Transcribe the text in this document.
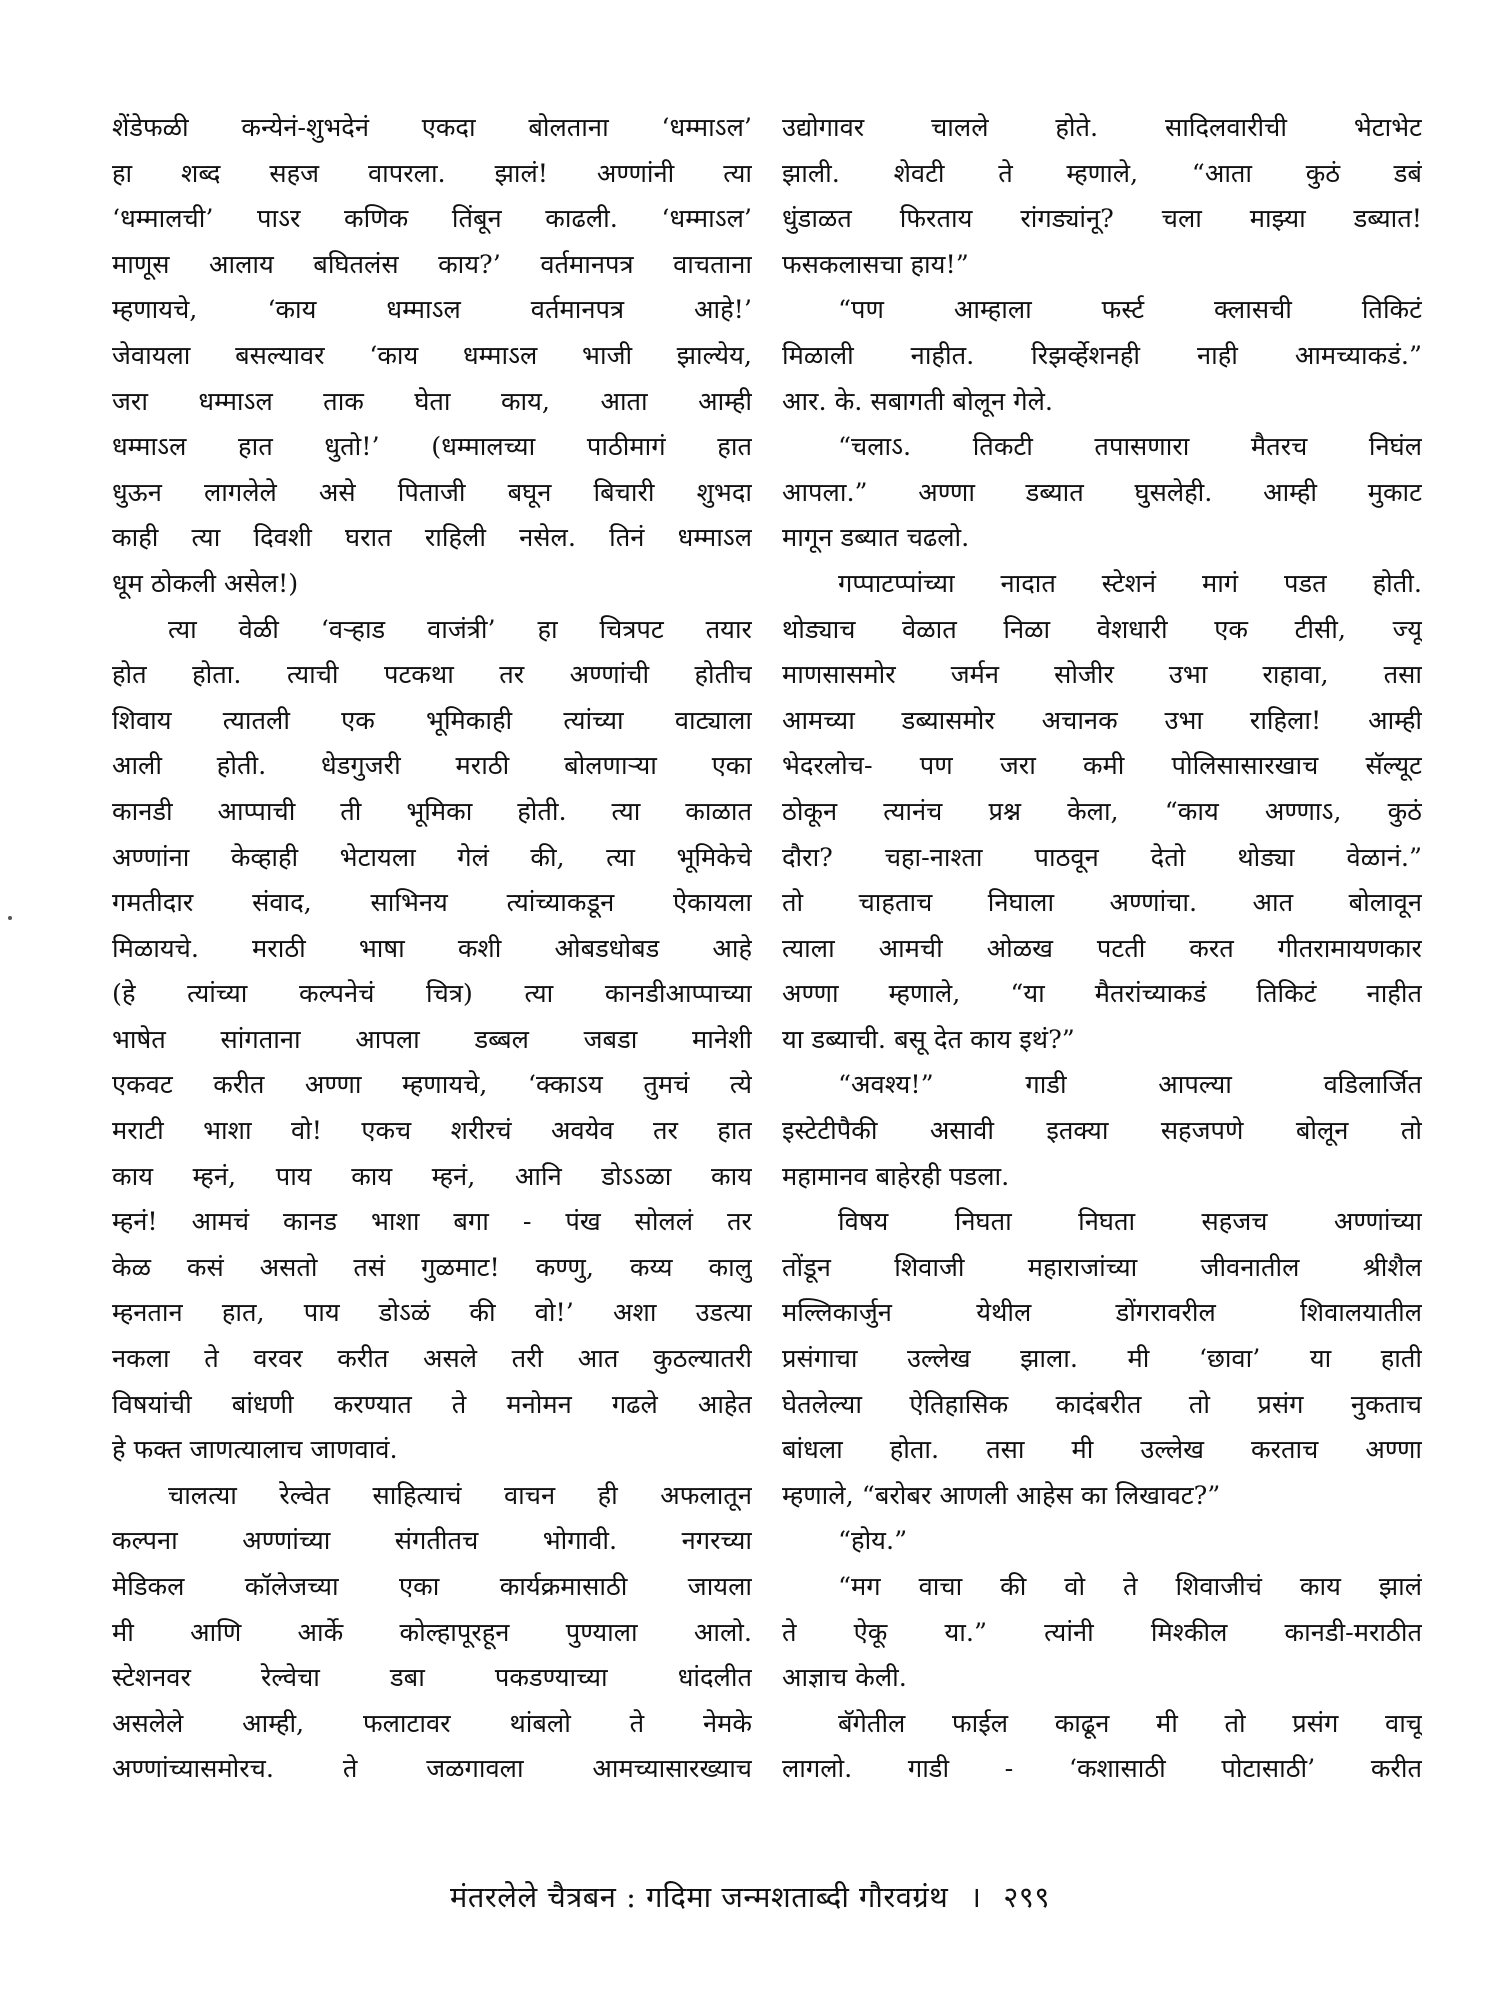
शेंडेफळी कन्येनं-शुभदेनं एकदा बोलताना ‘धम्माऽल’
हा शब्द सहज वापरला. झालं! अण्णांनी त्या
‘धम्मालची’ पाऽर कणिक तिंबून काढली. ‘धम्माऽल’
माणूस आलाय बघितलंस काय?’ वर्तमानपत्र वाचताना
म्हणायचे, ‘काय धम्माऽल वर्तमानपत्र आहे!’
जेवायला बसल्यावर ‘काय धम्माऽल भाजी झाल्येय,
जरा धम्माऽल ताक घेता काय, आता आम्ही
धम्माऽल हात धुतो!’ (धम्मालच्या पाठीमागं हात
धुऊन लागलेले असे पिताजी बघून बिचारी शुभदा
काही त्या दिवशी घरात राहिली नसेल. तिनं धम्माऽल
धूम ठोकली असेल!)
त्या वेळी ‘वऱ्हाड वाजंत्री’ हा चित्रपट तयार
होत होता. त्याची पटकथा तर अण्णांची होतीच
शिवाय त्यातली एक भूमिकाही त्यांच्या वाट्याला
आली होती. धेडगुजरी मराठी बोलणाऱ्या एका
कानडी आप्पाची ती भूमिका होती. त्या काळात
अण्णांना केव्हाही भेटायला गेलं की, त्या भूमिकेचे
गमतीदार संवाद, साभिनय त्यांच्याकडून ऐकायला
मिळायचे. मराठी भाषा कशी ओबडधोबड आहे
(हे त्यांच्या कल्पनेचं चित्र) त्या कानडीआप्पाच्या
भाषेत सांगताना आपला डब्बल जबडा मानेशी
एकवट करीत अण्णा म्हणायचे, ‘क्काऽय तुमचं त्ये
मराटी भाशा वो! एकच शरीरचं अवयेव तर हात
काय म्हनं, पाय काय म्हनं, आनि डोऽऽळा काय
म्हनं! आमचं कानड भाशा बगा - पंख सोललं तर
केळ कसं असतो तसं गुळमाट! कण्णु, कय्य कालु
म्हनतान हात, पाय डोऽळं की वो!’ अशा उडत्या
नकला ते वरवर करीत असले तरी आत कुठल्यातरी
विषयांची बांधणी करण्यात ते मनोमन गढले आहेत
हे फक्त जाणत्यालाच जाणवावं.
चालत्या रेल्वेत साहित्याचं वाचन ही अफलातून
कल्पना अण्णांच्या संगतीतच भोगावी. नगरच्या
मेडिकल कॉलेजच्या एका कार्यक्रमासाठी जायला
मी आणि आर्के कोल्हापूरहून पुण्याला आलो.
स्टेशनवर रेल्वेचा डबा पकडण्याच्या धांदलीत
असलेले आम्ही, फलाटावर थांबलो ते नेमके
अण्णांच्यासमोरच. ते जळगावला आमच्यासारख्याच
उद्योगावर चालले होते. सादिलवारीची भेटाभेट
झाली. शेवटी ते म्हणाले, “आता कुठं डबं
धुंडाळत फिरताय रांगड्यांनू? चला माझ्या डब्यात!
फसकलासचा हाय!”
“पण आम्हाला फर्स्ट क्लासची तिकिटं
मिळाली नाहीत. रिझर्व्हेशनही नाही आमच्याकडं.”
आर. के. सबागती बोलून गेले.
“चलाऽ. तिकटी तपासणारा मैतरच निघंल
आपला.” अण्णा डब्यात घुसलेही. आम्ही मुकाट
मागून डब्यात चढलो.
गप्पाटप्पांच्या नादात स्टेशनं मागं पडत होती.
थोड्याच वेळात निळा वेशधारी एक टीसी, ज्यू
माणसासमोर जर्मन सोजीर उभा राहावा, तसा
आमच्या डब्यासमोर अचानक उभा राहिला! आम्ही
भेदरलोच- पण जरा कमी पोलिसासारखाच सॅल्यूट
ठोकून त्यानंच प्रश्न केला, “काय अण्णाऽ, कुठं
दौरा? चहा-नाश्ता पाठवून देतो थोड्या वेळानं.”
तो चाहताच निघाला अण्णांचा. आत बोलावून
त्याला आमची ओळख पटती करत गीतरामायणकार
अण्णा म्हणाले, “या मैतरांच्याकडं तिकिटं नाहीत
या डब्याची. बसू देत काय इथं?”
“अवश्य!” गाडी आपल्या वडिलार्जित
इस्टेटीपैकी असावी इतक्या सहजपणे बोलून तो
महामानव बाहेरही पडला.
विषय निघता निघता सहजच अण्णांच्या
तोंडून शिवाजी महाराजांच्या जीवनातील श्रीशैल
मल्लिकार्जुन येथील डोंगरावरील शिवालयातील
प्रसंगाचा उल्लेख झाला. मी ‘छावा’ या हाती
घेतलेल्या ऐतिहासिक कादंबरीत तो प्रसंग नुकताच
बांधला होता. तसा मी उल्लेख करताच अण्णा
म्हणाले, “बरोबर आणली आहेस का लिखावट?”
“होय.”
“मग वाचा की वो ते शिवाजीचं काय झालं
ते ऐकू या.” त्यांनी मिश्कील कानडी-मराठीत
आज्ञाच केली.
बॅगेतील फाईल काढून मी तो प्रसंग वाचू
लागलो. गाडी - ‘कशासाठी पोटासाठी’ करीत
मंतरलेले चैत्रबन : गदिमा जन्मशताब्दी गौरवग्रंथ । २९९
